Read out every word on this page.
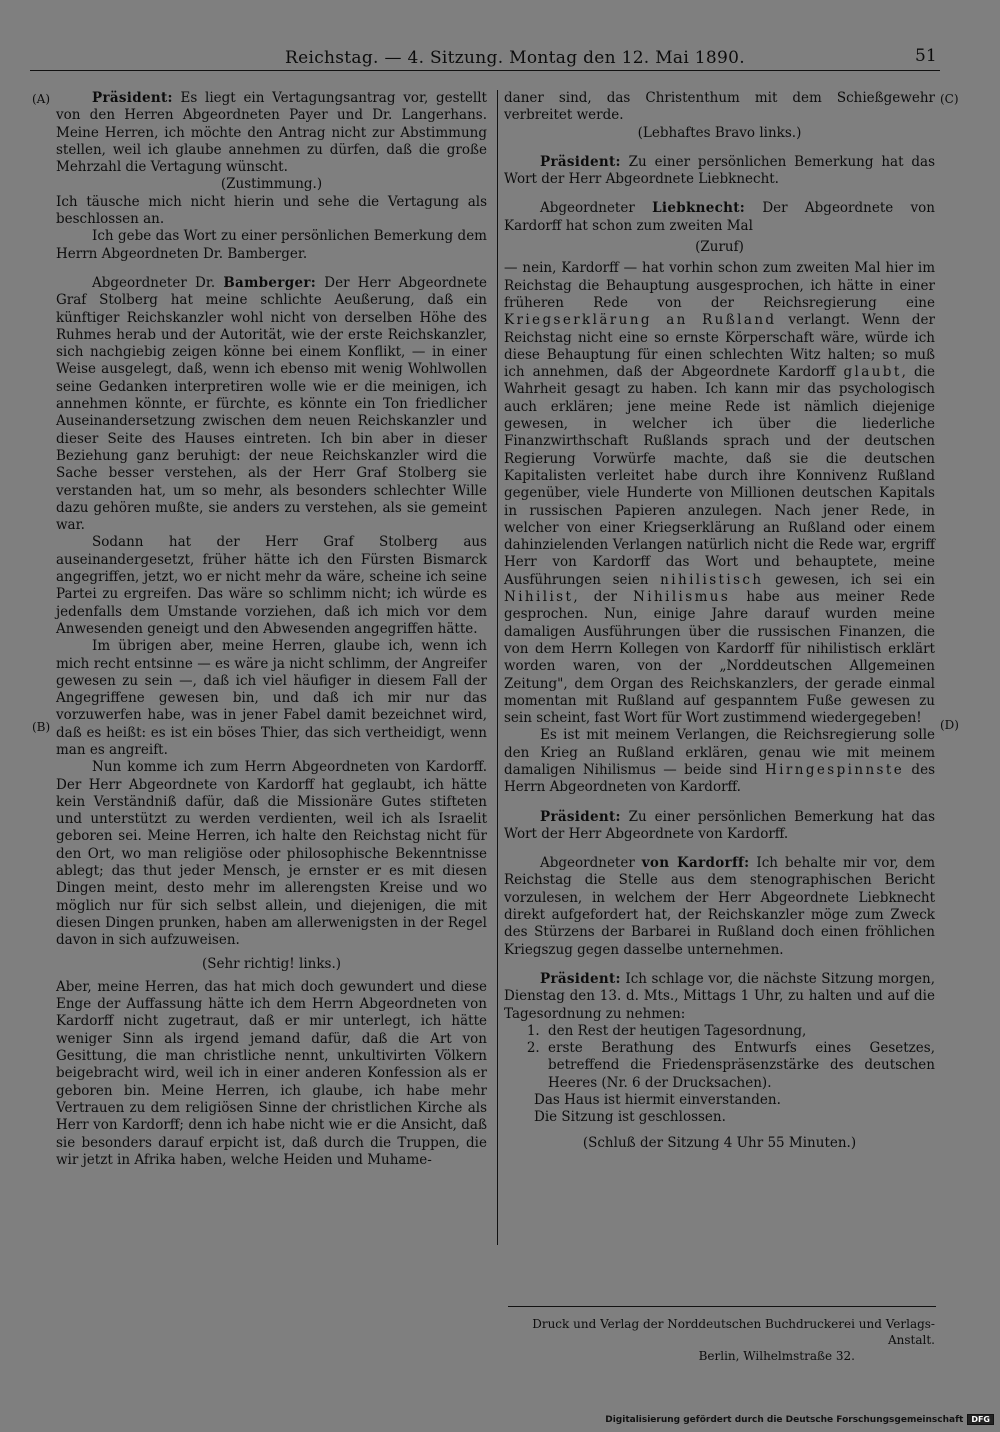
Reichstag. — 4. Sitzung. Montag den 12. Mai 1890.	51
(A)
(B)
(C)
(D)

Präsident: Es liegt ein Vertagungsantrag vor, gestellt von den Herren Abgeordneten Payer und Dr. Langerhans. Meine Herren, ich möchte den Antrag nicht zur Abstimmung stellen, weil ich glaube annehmen zu dürfen, daß die große Mehrzahl die Vertagung wünscht.

(Zustimmung.)

Ich täusche mich nicht hierin und sehe die Vertagung als beschlossen an.

Ich gebe das Wort zu einer persönlichen Bemerkung dem Herrn Abgeordneten Dr. Bamberger.

Abgeordneter Dr. Bamberger: Der Herr Abgeordnete Graf Stolberg hat meine schlichte Aeußerung, daß ein künftiger Reichskanzler wohl nicht von derselben Höhe des Ruhmes herab und der Autorität, wie der erste Reichskanzler, sich nachgiebig zeigen könne bei einem Konflikt, — in einer Weise ausgelegt, daß, wenn ich ebenso mit wenig Wohlwollen seine Gedanken interpretiren wolle wie er die meinigen, ich annehmen könnte, er fürchte, es könnte ein Ton friedlicher Auseinandersetzung zwischen dem neuen Reichskanzler und dieser Seite des Hauses eintreten. Ich bin aber in dieser Beziehung ganz beruhigt: der neue Reichskanzler wird die Sache besser verstehen, als der Herr Graf Stolberg sie verstanden hat, um so mehr, als besonders schlechter Wille dazu gehören mußte, sie anders zu verstehen, als sie gemeint war.

Sodann hat der Herr Graf Stolberg aus auseinandergesetzt, früher hätte ich den Fürsten Bismarck angegriffen, jetzt, wo er nicht mehr da wäre, scheine ich seine Partei zu ergreifen. Das wäre so schlimm nicht; ich würde es jedenfalls dem Umstande vorziehen, daß ich mich vor dem Anwesenden geneigt und den Abwesenden angegriffen hätte.

Im übrigen aber, meine Herren, glaube ich, wenn ich mich recht entsinne — es wäre ja nicht schlimm, der Angreifer gewesen zu sein —, daß ich viel häufiger in diesem Fall der Angegriffene gewesen bin, und daß ich mir nur das vorzuwerfen habe, was in jener Fabel damit bezeichnet wird, daß es heißt: es ist ein böses Thier, das sich vertheidigt, wenn man es angreift.

Nun komme ich zum Herrn Abgeordneten von Kardorff. Der Herr Abgeordnete von Kardorff hat geglaubt, ich hätte kein Verständniß dafür, daß die Missionäre Gutes stifteten und unterstützt zu werden verdienten, weil ich als Israelit geboren sei. Meine Herren, ich halte den Reichstag nicht für den Ort, wo man religiöse oder philosophische Bekenntnisse ablegt; das thut jeder Mensch, je ernster er es mit diesen Dingen meint, desto mehr im allerengsten Kreise und wo möglich nur für sich selbst allein, und diejenigen, die mit diesen Dingen prunken, haben am allerwenigsten in der Regel davon in sich aufzuweisen.

(Sehr richtig! links.)

Aber, meine Herren, das hat mich doch gewundert und diese Enge der Auffassung hätte ich dem Herrn Abgeordneten von Kardorff nicht zugetraut, daß er mir unterlegt, ich hätte weniger Sinn als irgend jemand dafür, daß die Art von Gesittung, die man christliche nennt, unkultivirten Völkern beigebracht wird, weil ich in einer anderen Konfession als er geboren bin. Meine Herren, ich glaube, ich habe mehr Vertrauen zu dem religiösen Sinne der christlichen Kirche als Herr von Kardorff; denn ich habe nicht wie er die Ansicht, daß sie besonders darauf erpicht ist, daß durch die Truppen, die wir jetzt in Afrika haben, welche Heiden und Muhame-

daner sind, das Christenthum mit dem Schießgewehr verbreitet werde.

(Lebhaftes Bravo links.)

Präsident: Zu einer persönlichen Bemerkung hat das Wort der Herr Abgeordnete Liebknecht.

Abgeordneter Liebknecht: Der Abgeordnete von Kardorff hat schon zum zweiten Mal

(Zuruf)

— nein, Kardorff — hat vorhin schon zum zweiten Mal hier im Reichstag die Behauptung ausgesprochen, ich hätte in einer früheren Rede von der Reichsregierung eine Kriegserklärung an Rußland verlangt. Wenn der Reichstag nicht eine so ernste Körperschaft wäre, würde ich diese Behauptung für einen schlechten Witz halten; so muß ich annehmen, daß der Abgeordnete Kardorff glaubt, die Wahrheit gesagt zu haben. Ich kann mir das psychologisch auch erklären; jene meine Rede ist nämlich diejenige gewesen, in welcher ich über die liederliche Finanzwirthschaft Rußlands sprach und der deutschen Regierung Vorwürfe machte, daß sie die deutschen Kapitalisten verleitet habe durch ihre Konnivenz Rußland gegenüber, viele Hunderte von Millionen deutschen Kapitals in russischen Papieren anzulegen. Nach jener Rede, in welcher von einer Kriegserklärung an Rußland oder einem dahinzielenden Verlangen natürlich nicht die Rede war, ergriff Herr von Kardorff das Wort und behauptete, meine Ausführungen seien nihilistisch gewesen, ich sei ein Nihilist, der Nihilismus habe aus meiner Rede gesprochen. Nun, einige Jahre darauf wurden meine damaligen Ausführungen über die russischen Finanzen, die von dem Herrn Kollegen von Kardorff für nihilistisch erklärt worden waren, von der „Norddeutschen Allgemeinen Zeitung", dem Organ des Reichskanzlers, der gerade einmal momentan mit Rußland auf gespanntem Fuße gewesen zu sein scheint, fast Wort für Wort zustimmend wiedergegeben!

Es ist mit meinem Verlangen, die Reichsregierung solle den Krieg an Rußland erklären, genau wie mit meinem damaligen Nihilismus — beide sind Hirngespinnste des Herrn Abgeordneten von Kardorff.

Präsident: Zu einer persönlichen Bemerkung hat das Wort der Herr Abgeordnete von Kardorff.

Abgeordneter von Kardorff: Ich behalte mir vor, dem Reichstag die Stelle aus dem stenographischen Bericht vorzulesen, in welchem der Herr Abgeordnete Liebknecht direkt aufgefordert hat, der Reichskanzler möge zum Zweck des Stürzens der Barbarei in Rußland doch einen fröhlichen Kriegszug gegen dasselbe unternehmen.

Präsident: Ich schlage vor, die nächste Sitzung morgen, Dienstag den 13. d. Mts., Mittags 1 Uhr, zu halten und auf die Tagesordnung zu nehmen:

1. den Rest der heutigen Tagesordnung,
2. erste Berathung des Entwurfs eines Gesetzes, betreffend die Friedenspräsenzstärke des deutschen Heeres (Nr. 6 der Drucksachen).

Das Haus ist hiermit einverstanden.

Die Sitzung ist geschlossen.

(Schluß der Sitzung 4 Uhr 55 Minuten.)

Druck und Verlag der Norddeutschen Buchdruckerei und Verlags-Anstalt.
Berlin, Wilhelmstraße 32.
Digitalisierung gefördert durch die Deutsche Forschungsgemeinschaft	DFG
